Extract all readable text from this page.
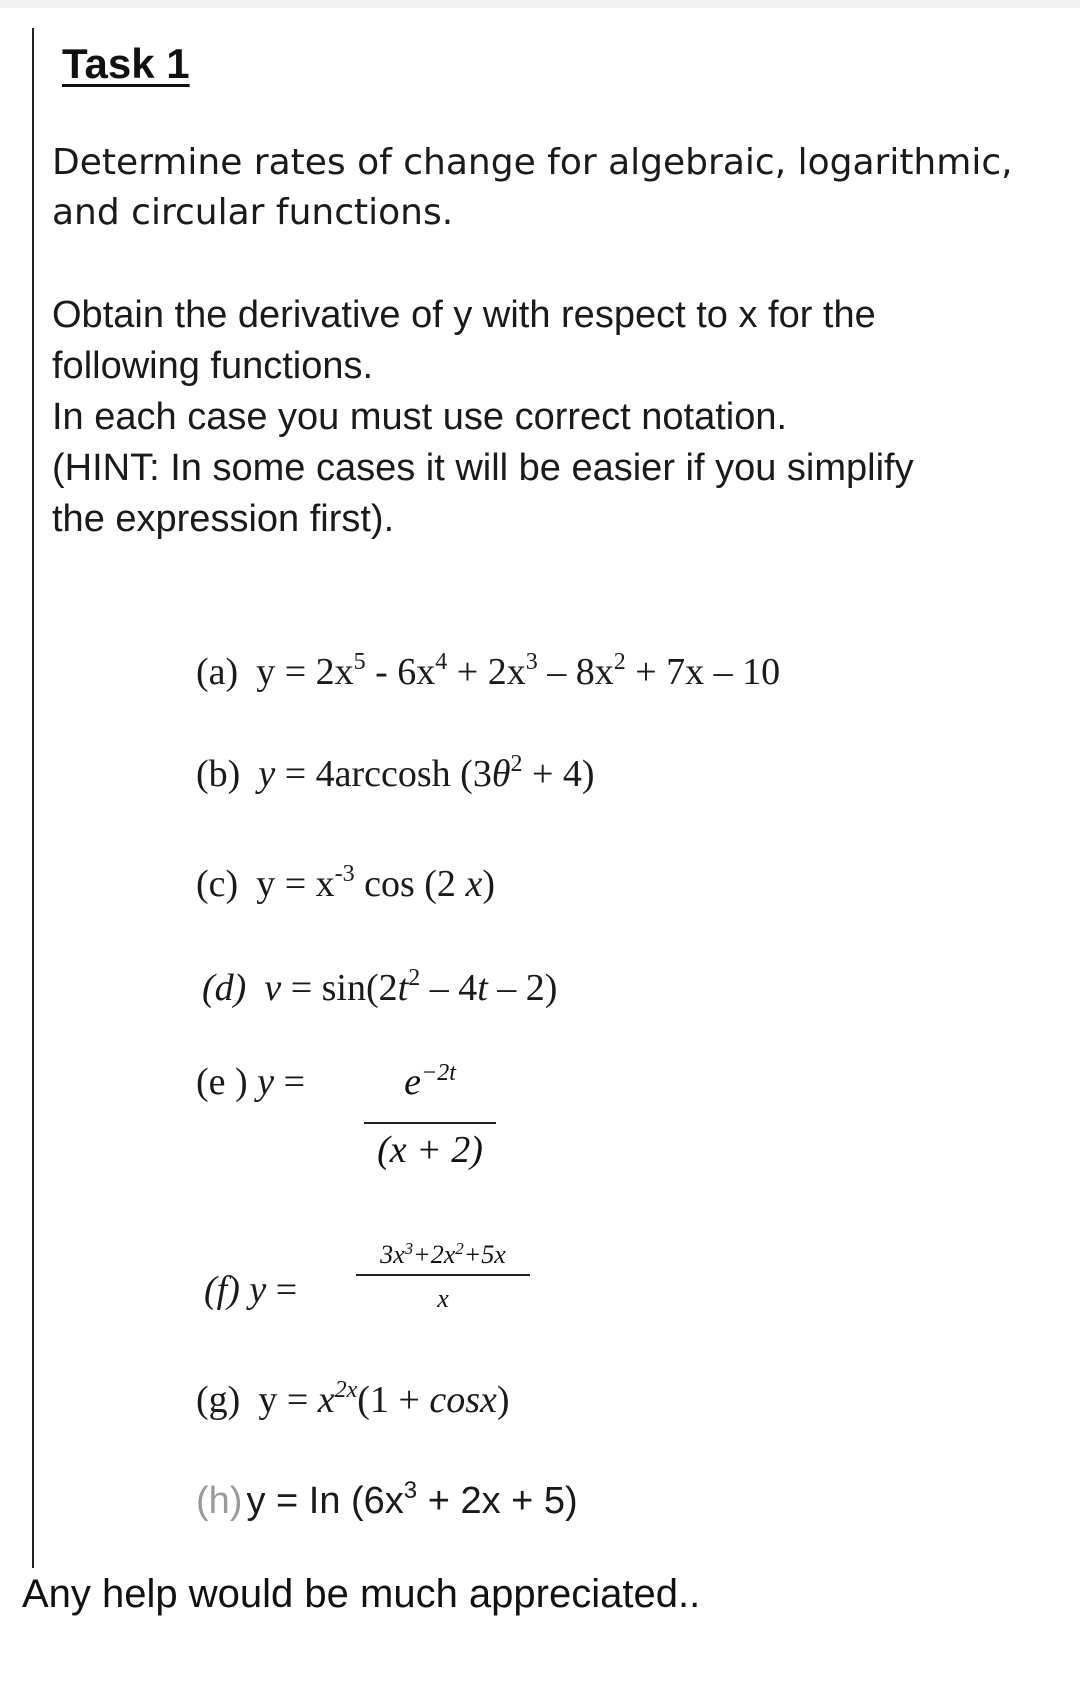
Task 1
Determine rates of change for algebraic, logarithmic,
and circular functions.
Obtain the derivative of y with respect to x for the
following functions.
In each case you must use correct notation.
(HINT: In some cases it will be easier if you simplify
the expression first).
(a) $y = 2x^5 - 6x^4 + 2x^3 - 8x^2 + 7x - 10$
(b) y = 4arccosh $(3\theta^2 + 4)$
(c) $y = x^{-3}$ cos (2 x)
(d) $v = \sin(2t^2 - 4t - 2)$
(e ) y =	$e^{-2t}$
(x + 2)
(f) y =
$3x^3+2x^2+5x$
x
(g) $y = x^{2x}(1 + \cos x)$
(h) y = In $(6x^3 + 2x + 5)$
Any help would be much appreciated..
